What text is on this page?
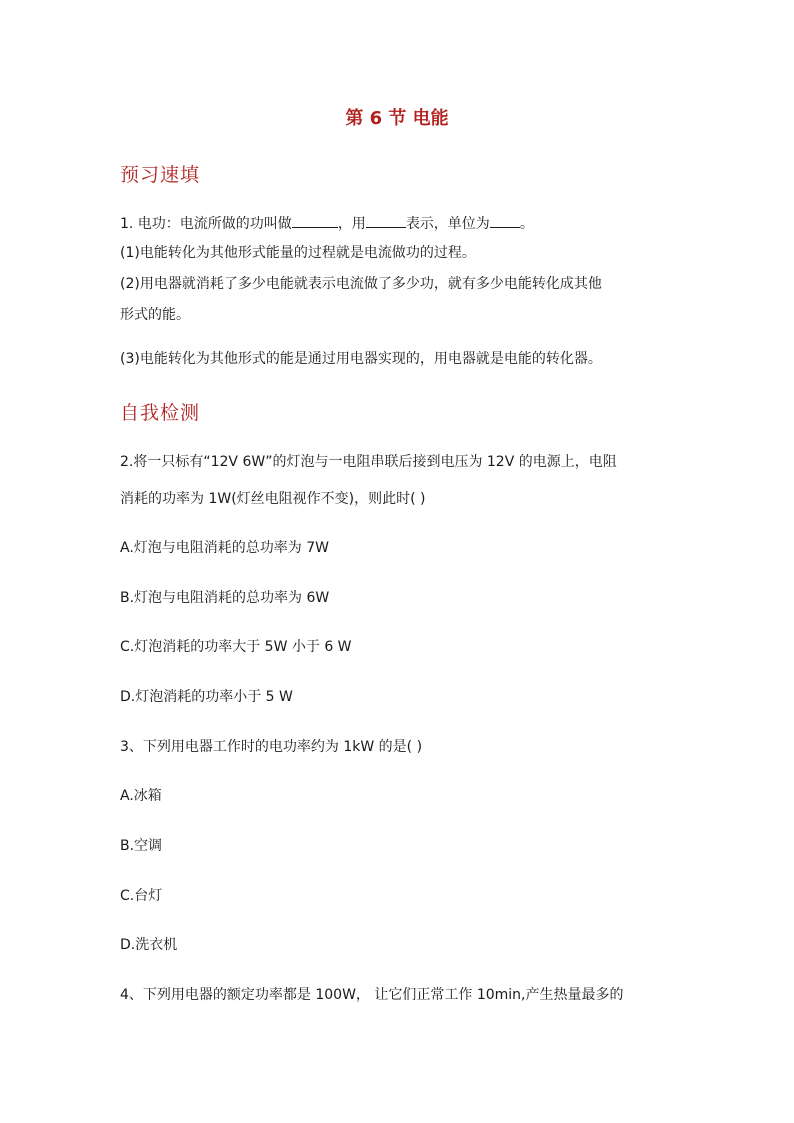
第 6 节 电能
预习速填
1. 电功：电流所做的功叫做	，用	表示，单位为 。
(1)电能转化为其他形式能量的过程就是电流做功的过程。
(2)用电器就消耗了多少电能就表示电流做了多少功，就有多少电能转化成其他
形式的能。
(3)电能转化为其他形式的能是通过用电器实现的，用电器就是电能的转化器。
自我检测
2.将一只标有“12V 6W”的灯泡与一电阻串联后接到电压为 12V 的电源上，电阻
消耗的功率为 1W(灯丝电阻视作不变)，则此时( )
A.灯泡与电阻消耗的总功率为 7W
B.灯泡与电阻消耗的总功率为 6W
C.灯泡消耗的功率大于 5W 小于 6 W
D.灯泡消耗的功率小于 5 W
3、下列用电器工作时的电功率约为 1kW 的是( )
A.冰箱
B.空调
C.台灯
D.洗衣机
4、下列用电器的额定功率都是 100W， 让它们正常工作 10min,产生热量最多的
